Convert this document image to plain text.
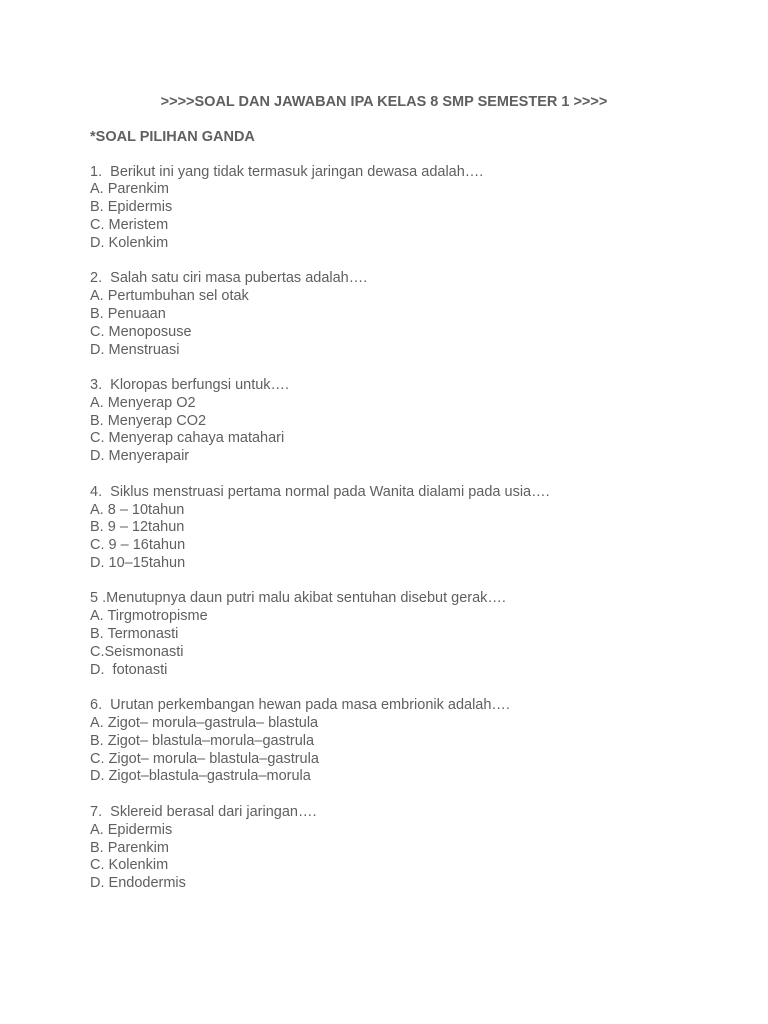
>>>>SOAL DAN JAWABAN IPA KELAS 8 SMP SEMESTER 1 >>>>
*SOAL PILIHAN GANDA
1.  Berikut ini yang tidak termasuk jaringan dewasa adalah….
A. Parenkim
B. Epidermis
C. Meristem
D. Kolenkim
2.  Salah satu ciri masa pubertas adalah….
A. Pertumbuhan sel otak
B. Penuaan
C. Menoposuse
D. Menstruasi
3.  Kloropas berfungsi untuk….
A. Menyerap O2
B. Menyerap CO2
C. Menyerap cahaya matahari
D. Menyerapair
4.  Siklus menstruasi pertama normal pada Wanita dialami pada usia….
A. 8 – 10tahun
B. 9 – 12tahun
C. 9 – 16tahun
D. 10–15tahun
5 .Menutupnya daun putri malu akibat sentuhan disebut gerak….
A. Tirgmotropisme
B. Termonasti
C.Seismonasti
D.  fotonasti
6.  Urutan perkembangan hewan pada masa embrionik adalah….
A. Zigot– morula–gastrula– blastula
B. Zigot– blastula–morula–gastrula
C. Zigot– morula– blastula–gastrula
D. Zigot–blastula–gastrula–morula
7.  Sklereid berasal dari jaringan….
A. Epidermis
B. Parenkim
C. Kolenkim
D. Endodermis
